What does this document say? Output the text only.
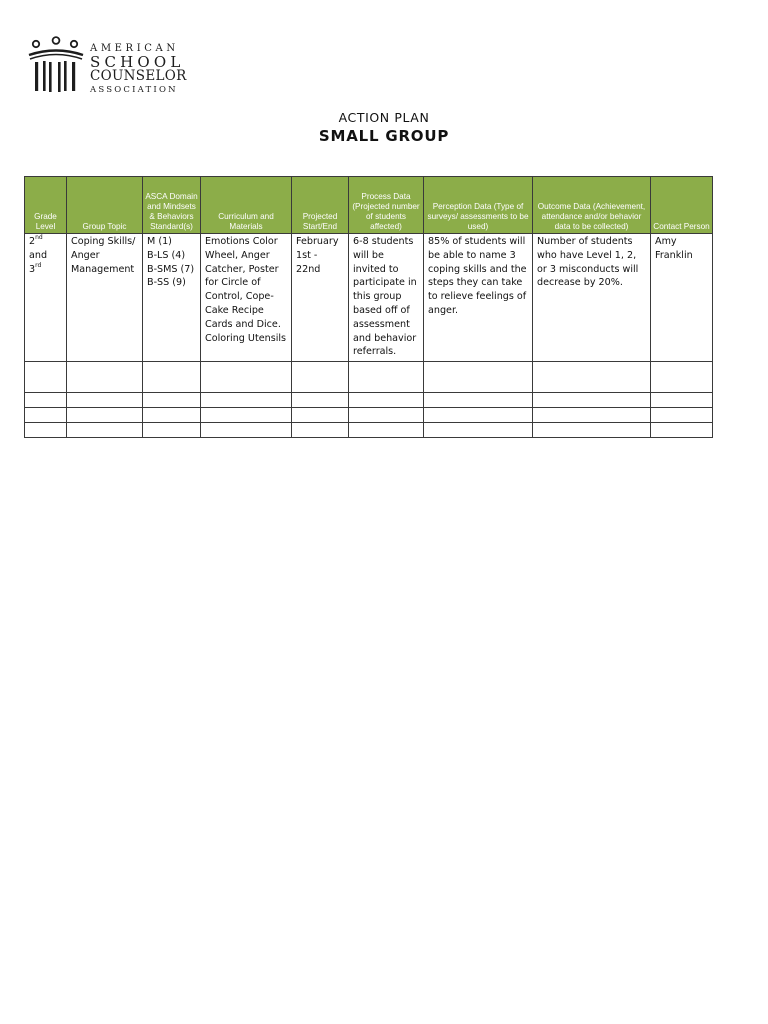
AMERICAN
SCHOOL
COUNSELOR
ASSOCIATION
ACTION PLAN
SMALL GROUP
Grade Level	Group Topic	ASCA Domain and Mindsets & Behaviors Standard(s)	Curriculum and Materials	Projected Start/End	Process Data (Projected number of students affected)	Perception Data (Type of surveys/ assessments to be used)	Outcome Data (Achievement, attendance and/or behavior data to be collected)	Contact Person

2nd
and
3rd	Coping Skills/
Anger
Management	M (1)
B-LS (4)
B-SMS (7)
B-SS (9)	Emotions Color Wheel, Anger Catcher, Poster for Circle of Control, Cope-Cake Recipe Cards and Dice. Coloring Utensils	February 1st - 22nd	6-8 students will be invited to participate in this group based off of assessment and behavior referrals.	85% of students will be able to name 3 coping skills and the steps they can take to relieve feelings of anger.	Number of students who have Level 1, 2, or 3 misconducts will decrease by 20%.	Amy Franklin
